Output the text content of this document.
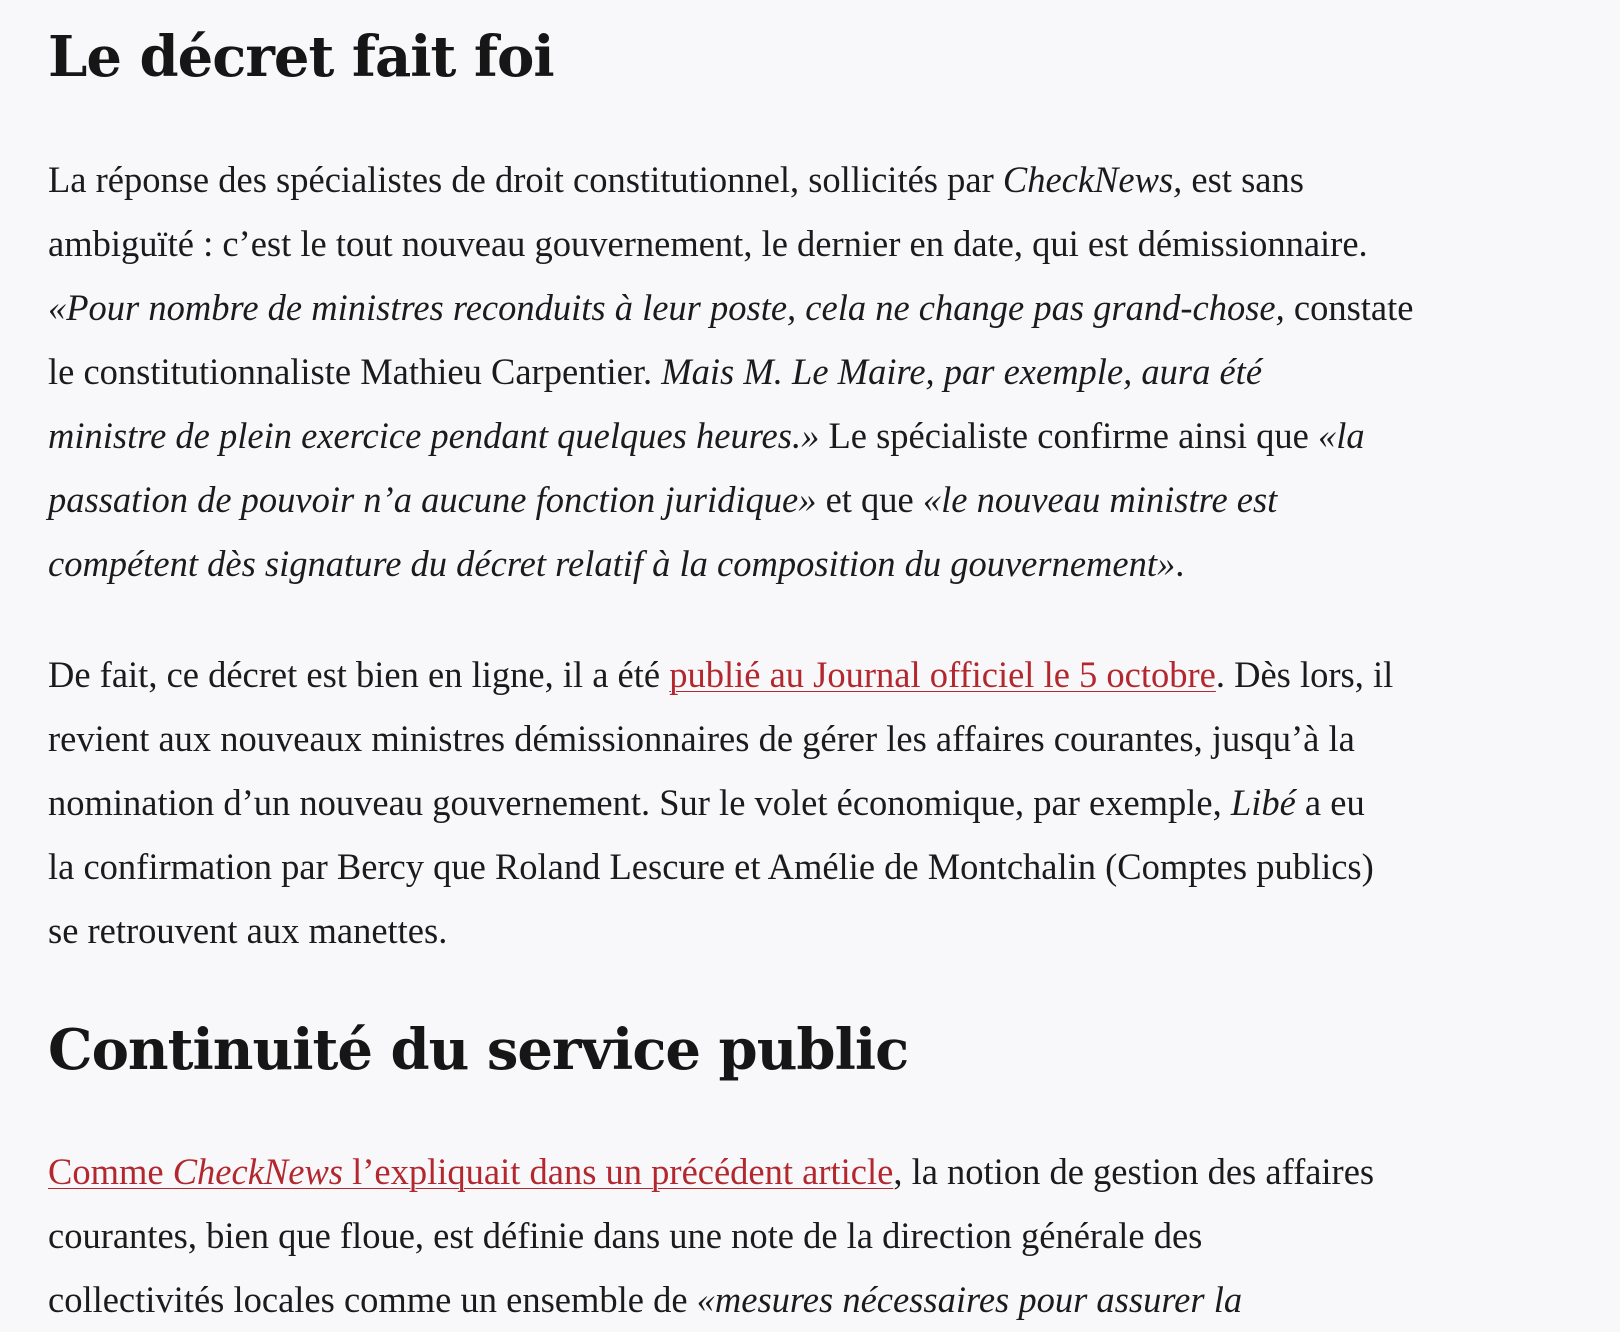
Le décret fait foi

La réponse des spécialistes de droit constitutionnel, sollicités par CheckNews, est sans
ambiguïté : c’est le tout nouveau gouvernement, le dernier en date, qui est démissionnaire.
«Pour nombre de ministres reconduits à leur poste, cela ne change pas grand-chose, constate
le constitutionnaliste Mathieu Carpentier. Mais M. Le Maire, par exemple, aura été
ministre de plein exercice pendant quelques heures.» Le spécialiste confirme ainsi que «la
passation de pouvoir n’a aucune fonction juridique» et que «le nouveau ministre est
compétent dès signature du décret relatif à la composition du gouvernement».

De fait, ce décret est bien en ligne, il a été publié au Journal officiel le 5 octobre. Dès lors, il
revient aux nouveaux ministres démissionnaires de gérer les affaires courantes, jusqu’à la
nomination d’un nouveau gouvernement. Sur le volet économique, par exemple, Libé a eu
la confirmation par Bercy que Roland Lescure et Amélie de Montchalin (Comptes publics)
se retrouvent aux manettes.

Continuité du service public

Comme CheckNews l’expliquait dans un précédent article, la notion de gestion des affaires
courantes, bien que floue, est définie dans une note de la direction générale des
collectivités locales comme un ensemble de «mesures nécessaires pour assurer la
